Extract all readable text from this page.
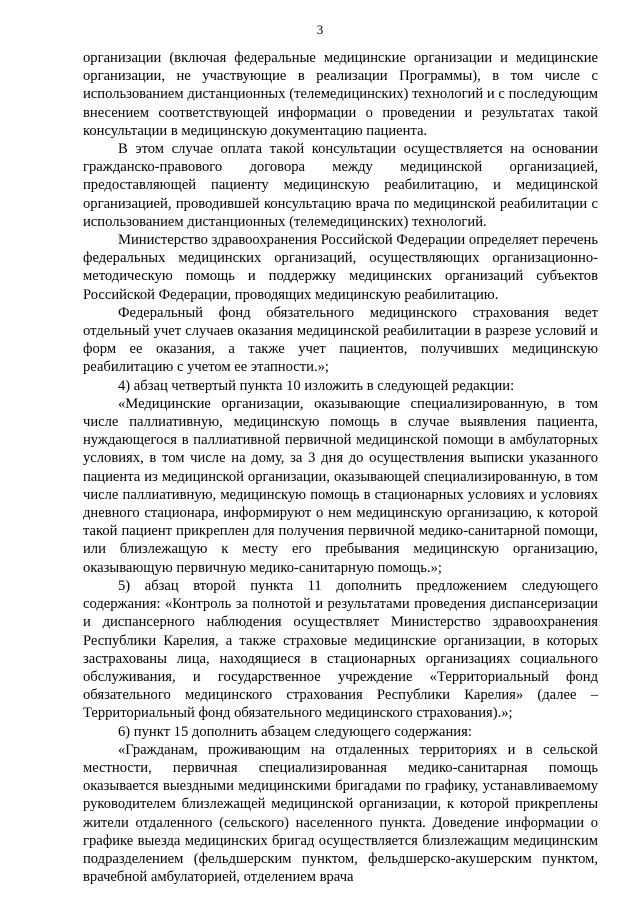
3

организации (включая федеральные медицинские организации и медицинские организации, не участвующие в реализации Программы), в том числе с использованием дистанционных (телемедицинских) технологий и с последующим внесением соответствующей информации о проведении и результатах такой консультации в медицинскую документацию пациента.

В этом случае оплата такой консультации осуществляется на основании гражданско-правового договора между медицинской организацией, предоставляющей пациенту медицинскую реабилитацию, и медицинской организацией, проводившей консультацию врача по медицинской реабилитации с использованием дистанционных (телемедицинских) технологий.

Министерство здравоохранения Российской Федерации определяет перечень федеральных медицинских организаций, осуществляющих организационно-методическую помощь и поддержку медицинских организаций субъектов Российской Федерации, проводящих медицинскую реабилитацию.

Федеральный фонд обязательного медицинского страхования ведет отдельный учет случаев оказания медицинской реабилитации в разрезе условий и форм ее оказания, а также учет пациентов, получивших медицинскую реабилитацию с учетом ее этапности.»;

4) абзац четвертый пункта 10 изложить в следующей редакции:

«Медицинские организации, оказывающие специализированную, в том числе паллиативную, медицинскую помощь в случае выявления пациента, нуждающегося в паллиативной первичной медицинской помощи в амбулаторных условиях, в том числе на дому, за 3 дня до осуществления выписки указанного пациента из медицинской организации, оказывающей специализированную, в том числе паллиативную, медицинскую помощь в стационарных условиях и условиях дневного стационара, информируют о нем медицинскую организацию, к которой такой пациент прикреплен для получения первичной медико-санитарной помощи, или близлежащую к месту его пребывания медицинскую организацию, оказывающую первичную медико-санитарную помощь.»;

5) абзац второй пункта 11 дополнить предложением следующего содержания: «Контроль за полнотой и результатами проведения диспансеризации и диспансерного наблюдения осуществляет Министерство здравоохранения Республики Карелия, а также страховые медицинские организации, в которых застрахованы лица, находящиеся в стационарных организациях социального обслуживания, и государственное учреждение «Территориальный фонд обязательного медицинского страхования Республики Карелия» (далее – Территориальный фонд обязательного медицинского страхования).»;

6) пункт 15 дополнить абзацем следующего содержания:

«Гражданам, проживающим на отдаленных территориях и в сельской местности, первичная специализированная медико-санитарная помощь оказывается выездными медицинскими бригадами по графику, устанавливаемому руководителем близлежащей медицинской организации, к которой прикреплены жители отдаленного (сельского) населенного пункта. Доведение информации о графике выезда медицинских бригад осуществляется близлежащим медицинским подразделением (фельдшерским пунктом, фельдшерско-акушерским пунктом, врачебной амбулаторией, отделением врача
